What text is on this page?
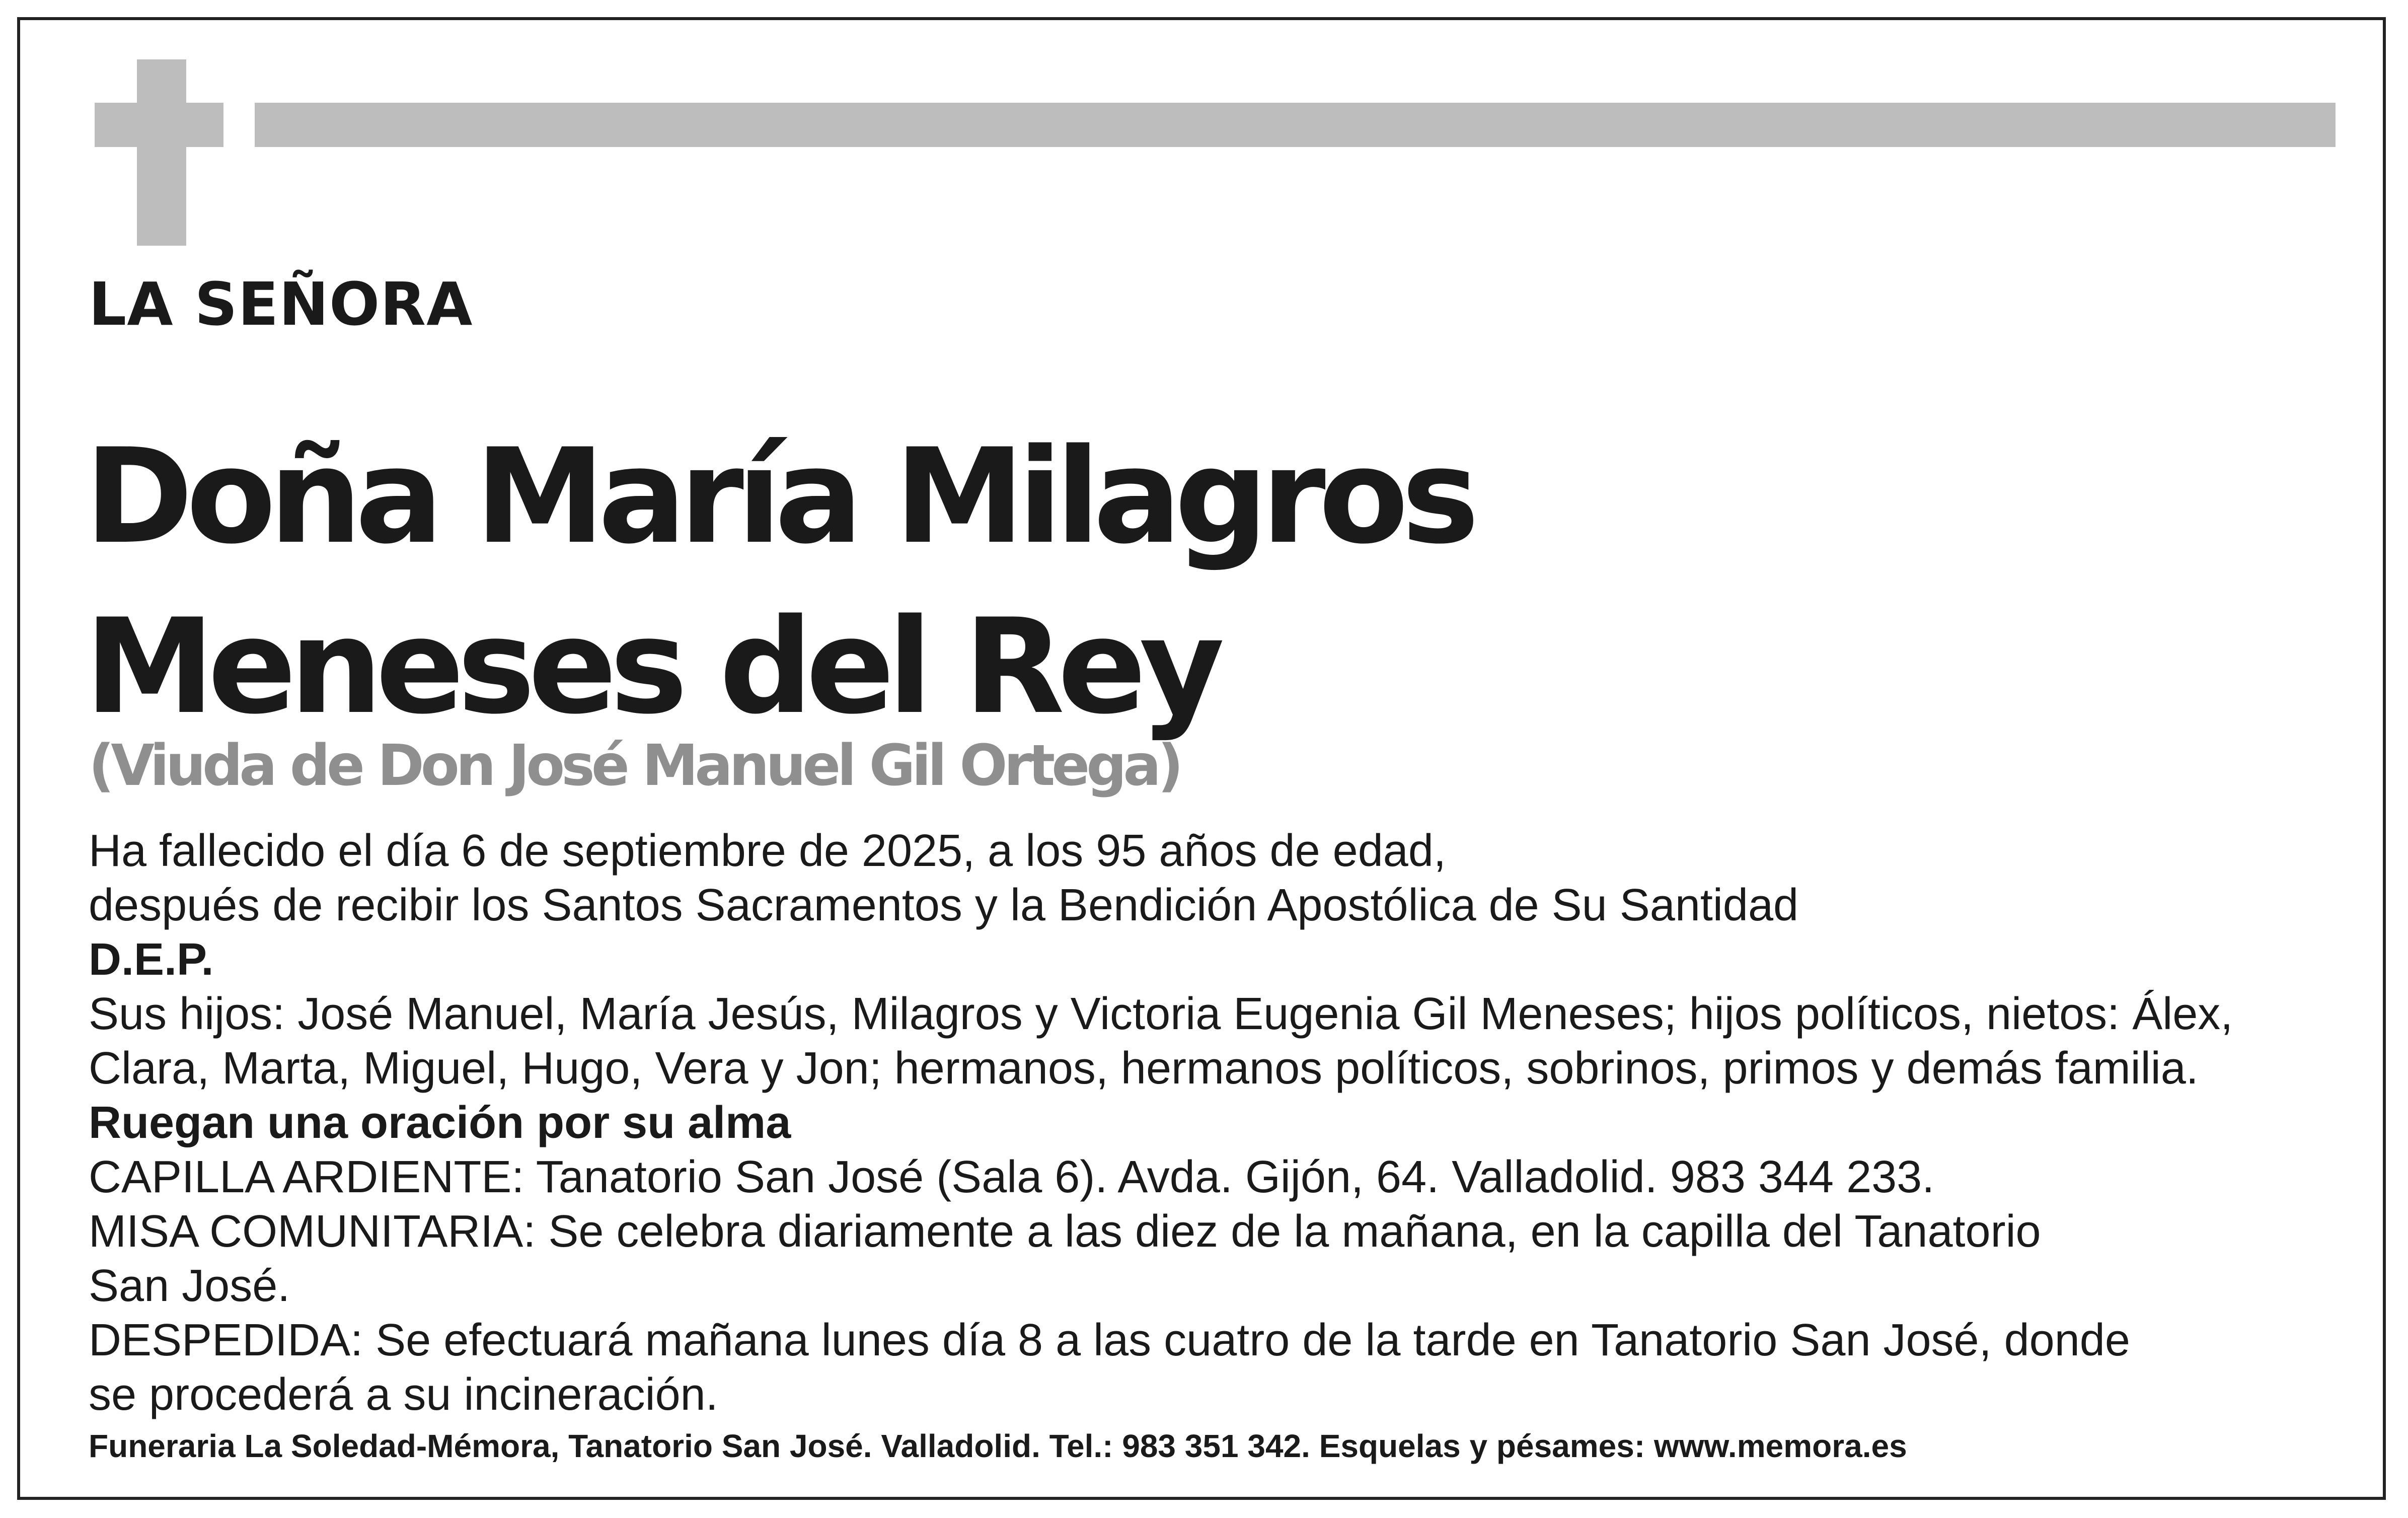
LA SEÑORA
Doña María Milagros
Meneses del Rey
(Viuda de Don José Manuel Gil Ortega)
Ha fallecido el día 6 de septiembre de 2025, a los 95 años de edad,
después de recibir los Santos Sacramentos y la Bendición Apostólica de Su Santidad
D.E.P.
Sus hijos: José Manuel, María Jesús, Milagros y Victoria Eugenia Gil Meneses; hijos políticos, nietos: Álex,
Clara, Marta, Miguel, Hugo, Vera y Jon; hermanos, hermanos políticos, sobrinos, primos y demás familia.
Ruegan una oración por su alma
CAPILLA ARDIENTE: Tanatorio San José (Sala 6). Avda. Gijón, 64. Valladolid. 983 344 233.
MISA COMUNITARIA: Se celebra diariamente a las diez de la mañana, en la capilla del Tanatorio
San José.
DESPEDIDA: Se efectuará mañana lunes día 8 a las cuatro de la tarde en Tanatorio San José, donde
se procederá a su incineración.
Funeraria La Soledad-Mémora, Tanatorio San José. Valladolid. Tel.: 983 351 342. Esquelas y pésames: www.memora.es
